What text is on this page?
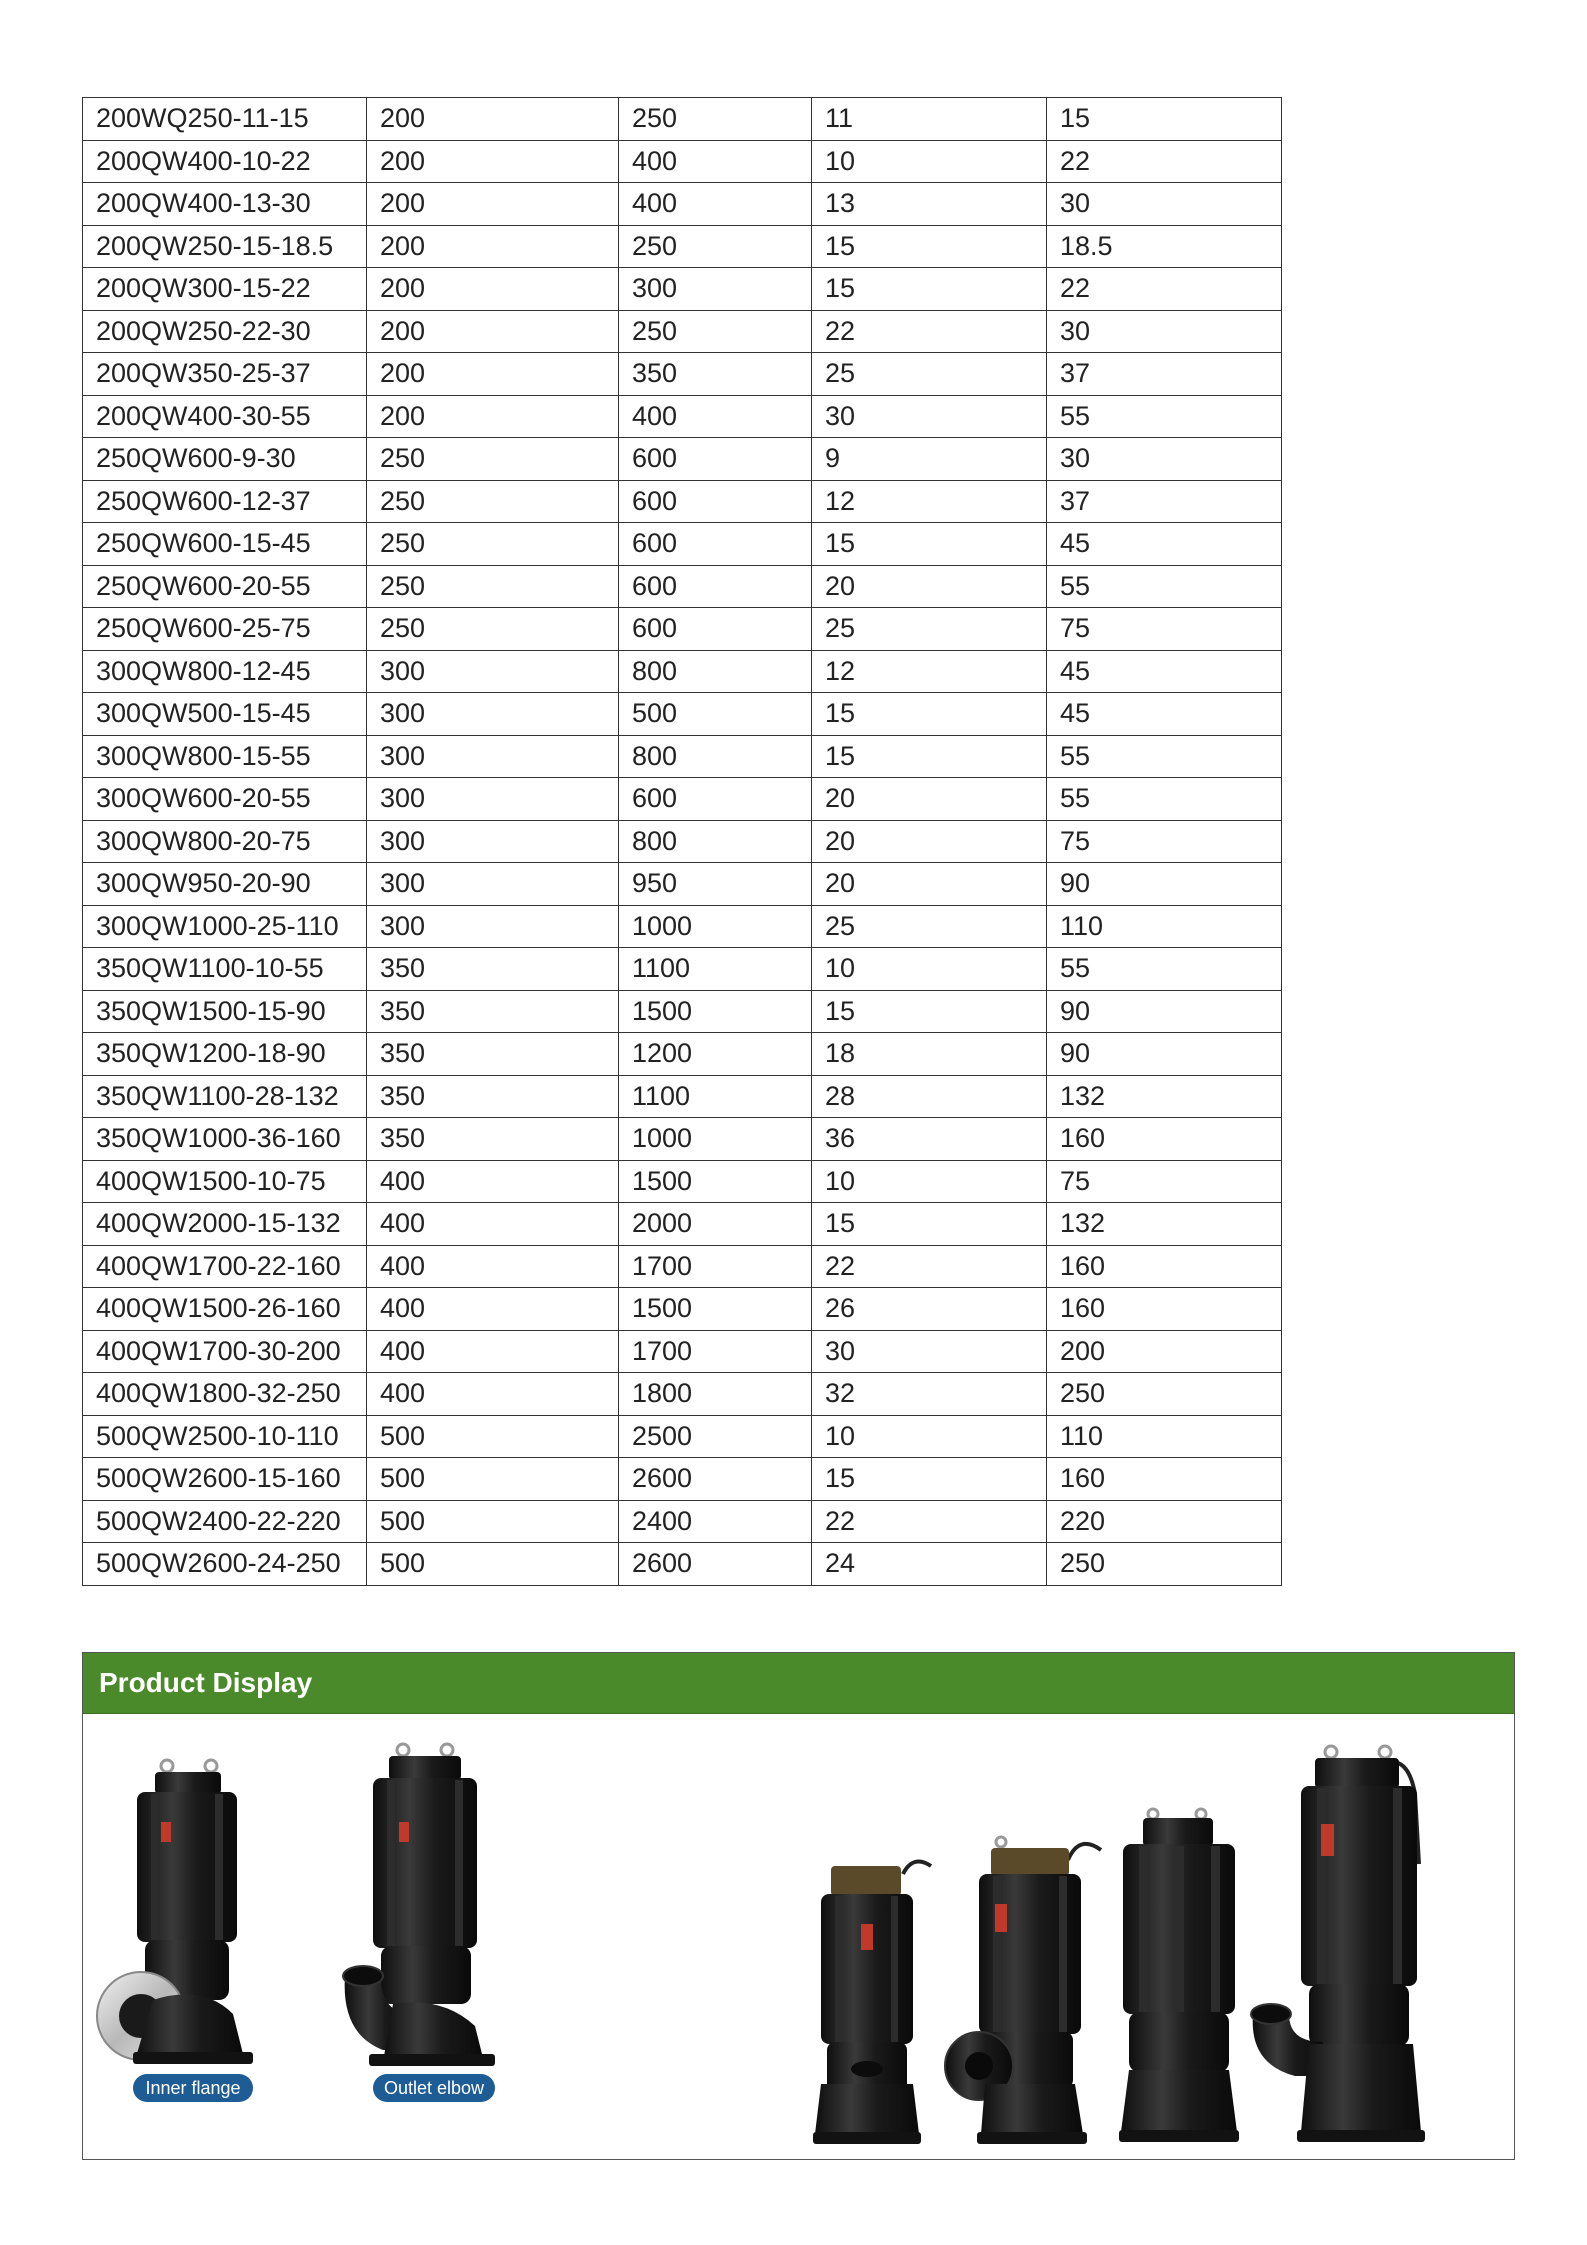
200WQ250-11-15	200	250	11	15
200QW400-10-22	200	400	10	22
200QW400-13-30	200	400	13	30
200QW250-15-18.5	200	250	15	18.5
200QW300-15-22	200	300	15	22
200QW250-22-30	200	250	22	30
200QW350-25-37	200	350	25	37
200QW400-30-55	200	400	30	55
250QW600-9-30	250	600	9	30
250QW600-12-37	250	600	12	37
250QW600-15-45	250	600	15	45
250QW600-20-55	250	600	20	55
250QW600-25-75	250	600	25	75
300QW800-12-45	300	800	12	45
300QW500-15-45	300	500	15	45
300QW800-15-55	300	800	15	55
300QW600-20-55	300	600	20	55
300QW800-20-75	300	800	20	75
300QW950-20-90	300	950	20	90
300QW1000-25-110	300	1000	25	110
350QW1100-10-55	350	1100	10	55
350QW1500-15-90	350	1500	15	90
350QW1200-18-90	350	1200	18	90
350QW1100-28-132	350	1100	28	132
350QW1000-36-160	350	1000	36	160
400QW1500-10-75	400	1500	10	75
400QW2000-15-132	400	2000	15	132
400QW1700-22-160	400	1700	22	160
400QW1500-26-160	400	1500	26	160
400QW1700-30-200	400	1700	30	200
400QW1800-32-250	400	1800	32	250
500QW2500-10-110	500	2500	10	110
500QW2600-15-160	500	2600	15	160
500QW2400-22-220	500	2400	22	220
500QW2600-24-250	500	2600	24	250
Product Display
Inner flange	Outlet elbow
